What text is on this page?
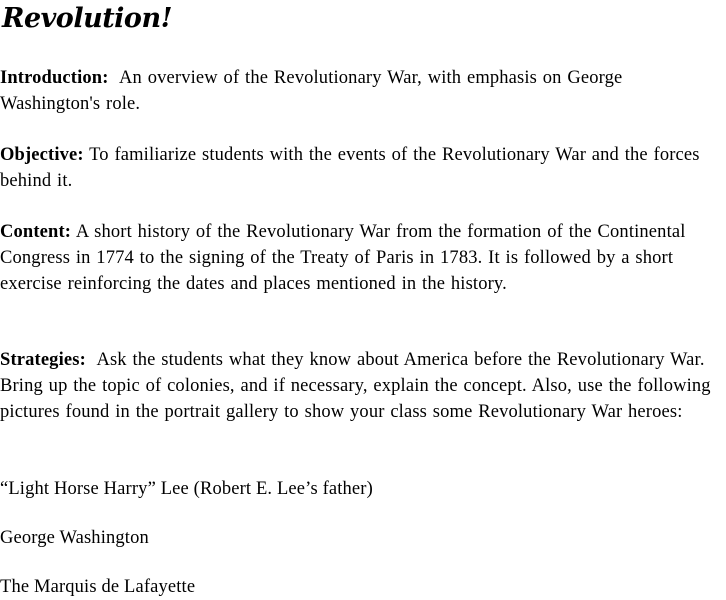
Revolution!

Introduction: An overview of the Revolutionary War, with emphasis on George Washington's role.

Objective: To familiarize students with the events of the Revolutionary War and the forces behind it.

Content: A short history of the Revolutionary War from the formation of the Continental Congress in 1774 to the signing of the Treaty of Paris in 1783. It is followed by a short exercise reinforcing the dates and places mentioned in the history.

Strategies: Ask the students what they know about America before the Revolutionary War. Bring up the topic of colonies, and if necessary, explain the concept. Also, use the following pictures found in the portrait gallery to show your class some Revolutionary War heroes:

“Light Horse Harry” Lee (Robert E. Lee’s father)

George Washington

The Marquis de Lafayette
